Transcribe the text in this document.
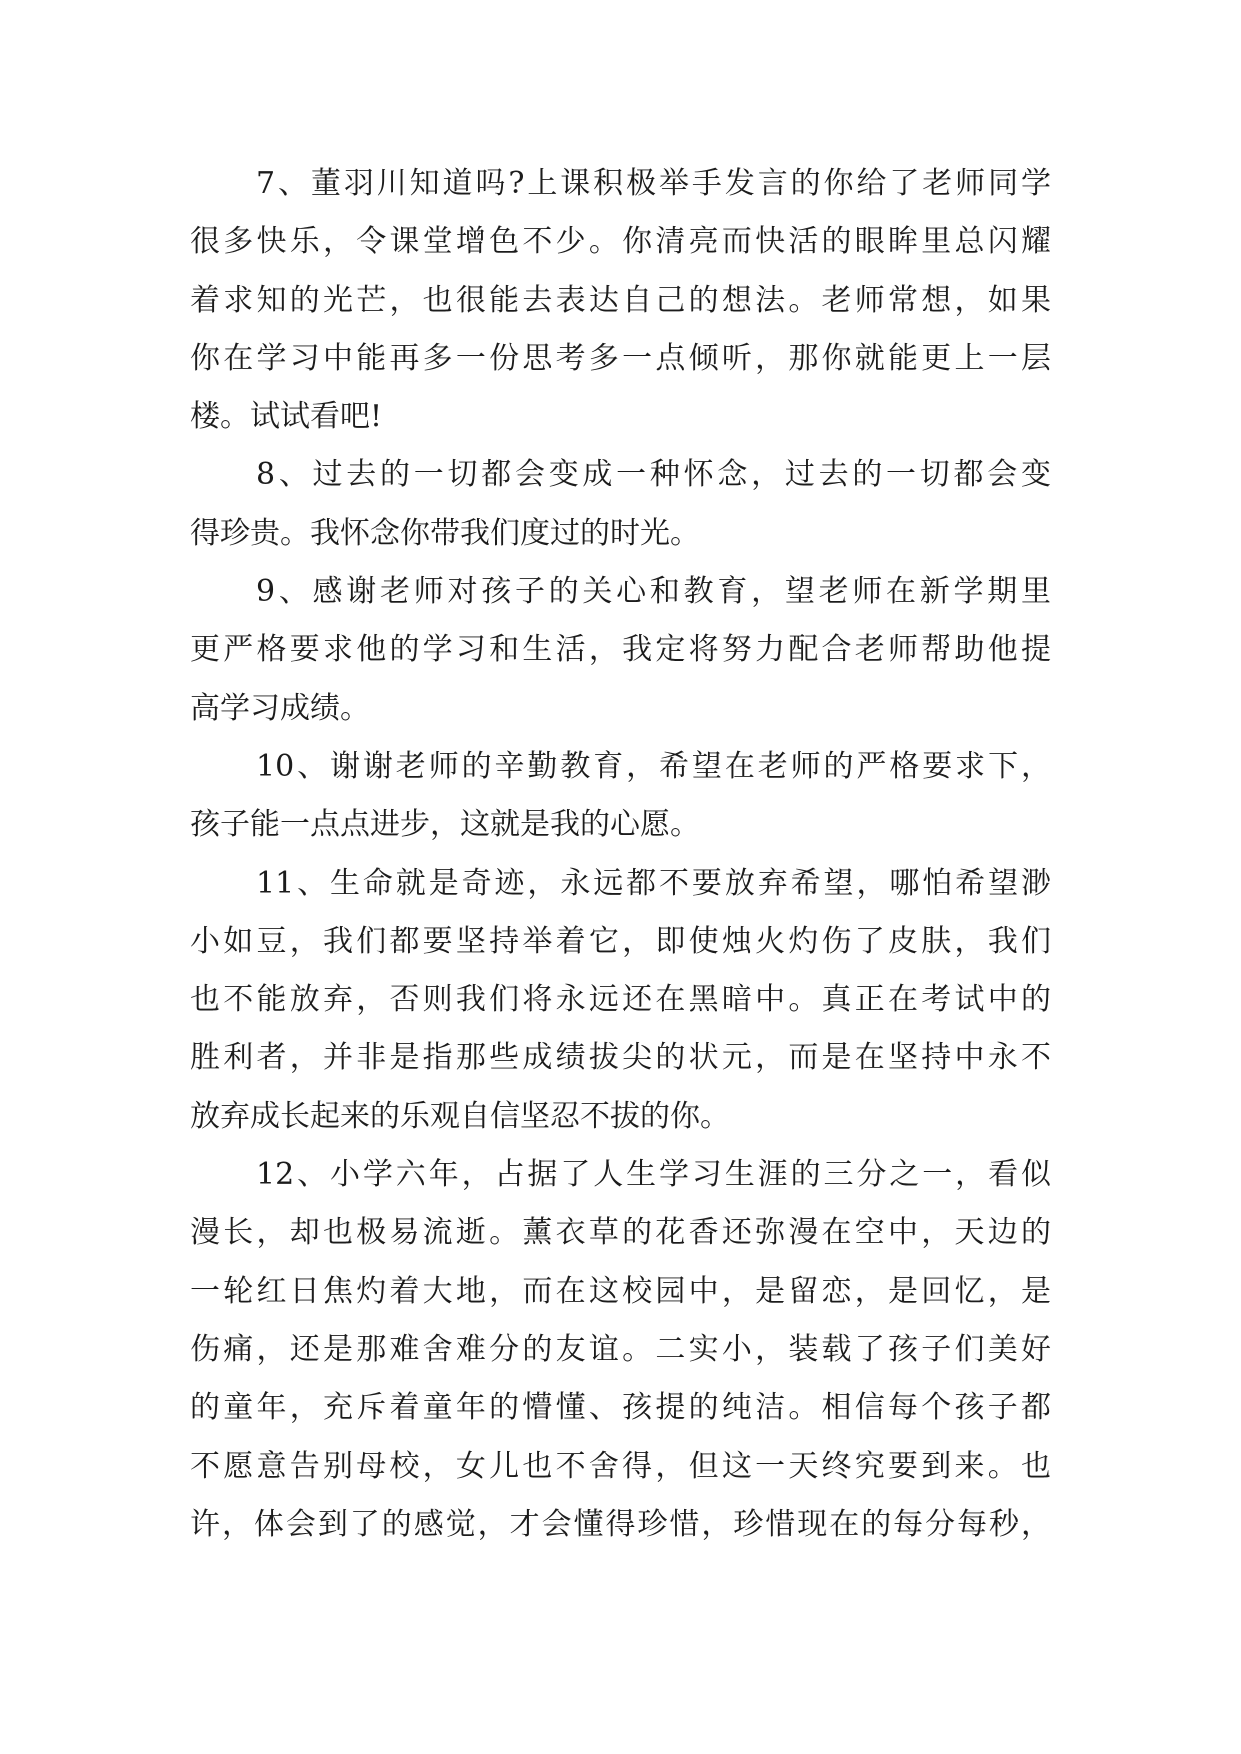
7、董羽川知道吗?上课积极举手发言的你给了老师同学
很多快乐，令课堂增色不少。你清亮而快活的眼眸里总闪耀
着求知的光芒，也很能去表达自己的想法。老师常想，如果
你在学习中能再多一份思考多一点倾听，那你就能更上一层
楼。试试看吧!
8、过去的一切都会变成一种怀念，过去的一切都会变
得珍贵。我怀念你带我们度过的时光。
9、感谢老师对孩子的关心和教育，望老师在新学期里
更严格要求他的学习和生活，我定将努力配合老师帮助他提
高学习成绩。
10、谢谢老师的辛勤教育，希望在老师的严格要求下，
孩子能一点点进步，这就是我的心愿。
11、生命就是奇迹，永远都不要放弃希望，哪怕希望渺
小如豆，我们都要坚持举着它，即使烛火灼伤了皮肤，我们
也不能放弃，否则我们将永远还在黑暗中。真正在考试中的
胜利者，并非是指那些成绩拔尖的状元，而是在坚持中永不
放弃成长起来的乐观自信坚忍不拔的你。
12、小学六年，占据了人生学习生涯的三分之一，看似
漫长，却也极易流逝。薰衣草的花香还弥漫在空中，天边的
一轮红日焦灼着大地，而在这校园中，是留恋，是回忆，是
伤痛，还是那难舍难分的友谊。二实小，装载了孩子们美好
的童年，充斥着童年的懵懂、孩提的纯洁。相信每个孩子都
不愿意告别母校，女儿也不舍得，但这一天终究要到来。也
许，体会到了的感觉，才会懂得珍惜，珍惜现在的每分每秒，
